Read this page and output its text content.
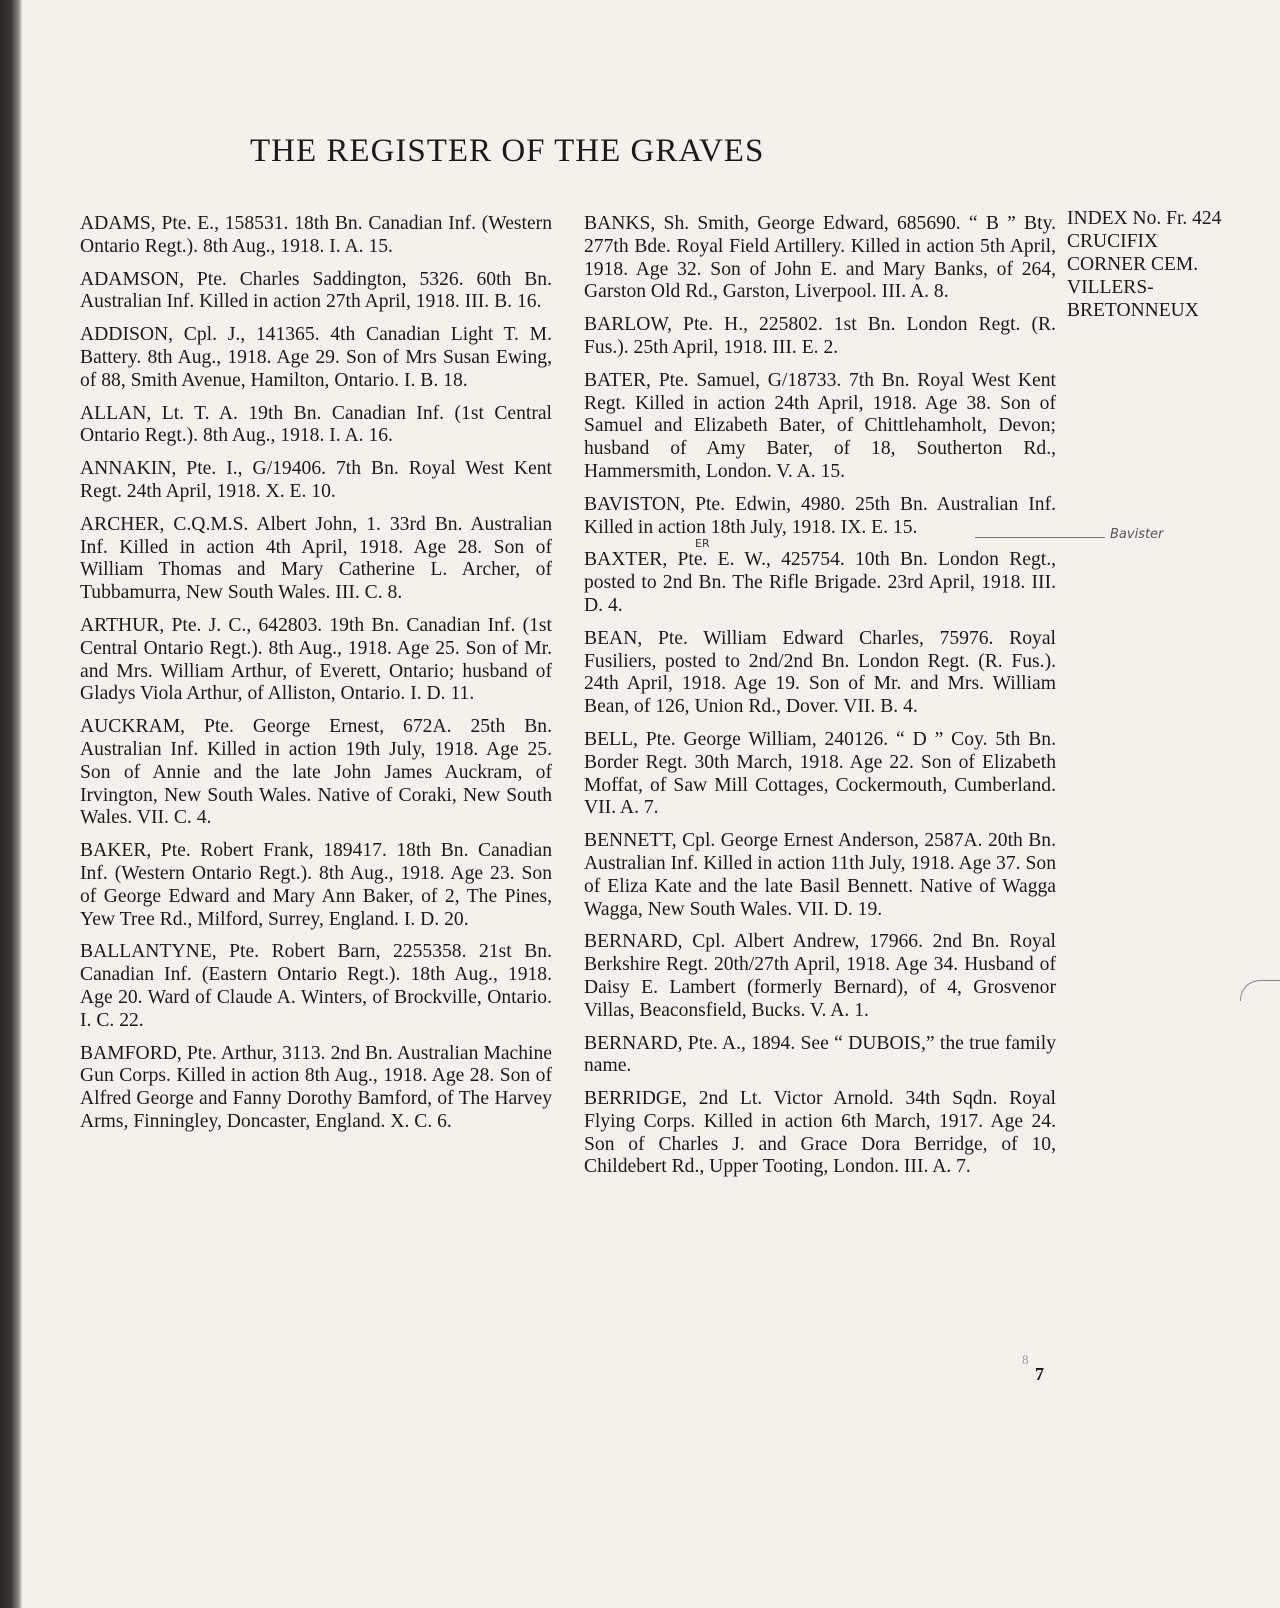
THE REGISTER OF THE GRAVES

ADAMS, Pte. E., 158531. 18th Bn. Canadian Inf. (Western Ontario Regt.). 8th Aug., 1918. I. A. 15.

ADAMSON, Pte. Charles Saddington, 5326. 60th Bn. Australian Inf. Killed in action 27th April, 1918. III. B. 16.

ADDISON, Cpl. J., 141365. 4th Canadian Light T. M. Battery. 8th Aug., 1918. Age 29. Son of Mrs Susan Ewing, of 88, Smith Avenue, Hamilton, Ontario. I. B. 18.

ALLAN, Lt. T. A. 19th Bn. Canadian Inf. (1st Central Ontario Regt.). 8th Aug., 1918. I. A. 16.

ANNAKIN, Pte. I., G/19406. 7th Bn. Royal West Kent Regt. 24th April, 1918. X. E. 10.

ARCHER, C.Q.M.S. Albert John, 1. 33rd Bn. Australian Inf. Killed in action 4th April, 1918. Age 28. Son of William Thomas and Mary Catherine L. Archer, of Tubbamurra, New South Wales. III. C. 8.

ARTHUR, Pte. J. C., 642803. 19th Bn. Canadian Inf. (1st Central Ontario Regt.). 8th Aug., 1918. Age 25. Son of Mr. and Mrs. William Arthur, of Everett, Ontario; husband of Gladys Viola Arthur, of Alliston, Ontario. I. D. 11.

AUCKRAM, Pte. George Ernest, 672A. 25th Bn. Australian Inf. Killed in action 19th July, 1918. Age 25. Son of Annie and the late John James Auckram, of Irvington, New South Wales. Native of Coraki, New South Wales. VII. C. 4.

BAKER, Pte. Robert Frank, 189417. 18th Bn. Canadian Inf. (Western Ontario Regt.). 8th Aug., 1918. Age 23. Son of George Edward and Mary Ann Baker, of 2, The Pines, Yew Tree Rd., Milford, Surrey, England. I. D. 20.

BALLANTYNE, Pte. Robert Barn, 2255358. 21st Bn. Canadian Inf. (Eastern Ontario Regt.). 18th Aug., 1918. Age 20. Ward of Claude A. Winters, of Brockville, Ontario. I. C. 22.

BAMFORD, Pte. Arthur, 3113. 2nd Bn. Australian Machine Gun Corps. Killed in action 8th Aug., 1918. Age 28. Son of Alfred George and Fanny Dorothy Bamford, of The Harvey Arms, Finningley, Doncaster, England. X. C. 6.

BANKS, Sh. Smith, George Edward, 685690. “ B ” Bty. 277th Bde. Royal Field Artillery. Killed in action 5th April, 1918. Age 32. Son of John E. and Mary Banks, of 264, Garston Old Rd., Garston, Liverpool. III. A. 8.

BARLOW, Pte. H., 225802. 1st Bn. London Regt. (R. Fus.). 25th April, 1918. III. E. 2.

BATER, Pte. Samuel, G/18733. 7th Bn. Royal West Kent Regt. Killed in action 24th April, 1918. Age 38. Son of Samuel and Elizabeth Bater, of Chittlehamholt, Devon; husband of Amy Bater, of 18, Southerton Rd., Hammersmith, London. V. A. 15.

BAVISTON, Pte. Edwin, 4980. 25th Bn. Australian Inf. Killed in action 18th July, 1918. IX. E. 15.

BAXTER, Pte. E. W., 425754. 10th Bn. London Regt., posted to 2nd Bn. The Rifle Brigade. 23rd April, 1918. III. D. 4.

BEAN, Pte. William Edward Charles, 75976. Royal Fusiliers, posted to 2nd/2nd Bn. London Regt. (R. Fus.). 24th April, 1918. Age 19. Son of Mr. and Mrs. William Bean, of 126, Union Rd., Dover. VII. B. 4.

BELL, Pte. George William, 240126. “ D ” Coy. 5th Bn. Border Regt. 30th March, 1918. Age 22. Son of Elizabeth Moffat, of Saw Mill Cottages, Cockermouth, Cumberland. VII. A. 7.

BENNETT, Cpl. George Ernest Anderson, 2587A. 20th Bn. Australian Inf. Killed in action 11th July, 1918. Age 37. Son of Eliza Kate and the late Basil Bennett. Native of Wagga Wagga, New South Wales. VII. D. 19.

BERNARD, Cpl. Albert Andrew, 17966. 2nd Bn. Royal Berkshire Regt. 20th/27th April, 1918. Age 34. Husband of Daisy E. Lambert (formerly Bernard), of 4, Grosvenor Villas, Beaconsfield, Bucks. V. A. 1.

BERNARD, Pte. A., 1894. See “ DUBOIS,” the true family name.

BERRIDGE, 2nd Lt. Victor Arnold. 34th Sqdn. Royal Flying Corps. Killed in action 6th March, 1917. Age 24. Son of Charles J. and Grace Dora Berridge, of 10, Childebert Rd., Upper Tooting, London. III. A. 7.

INDEX No. Fr. 424
CRUCIFIX
CORNER CEM.
VILLERS-
BRETONNEUX
ER
Bavister
8
7
